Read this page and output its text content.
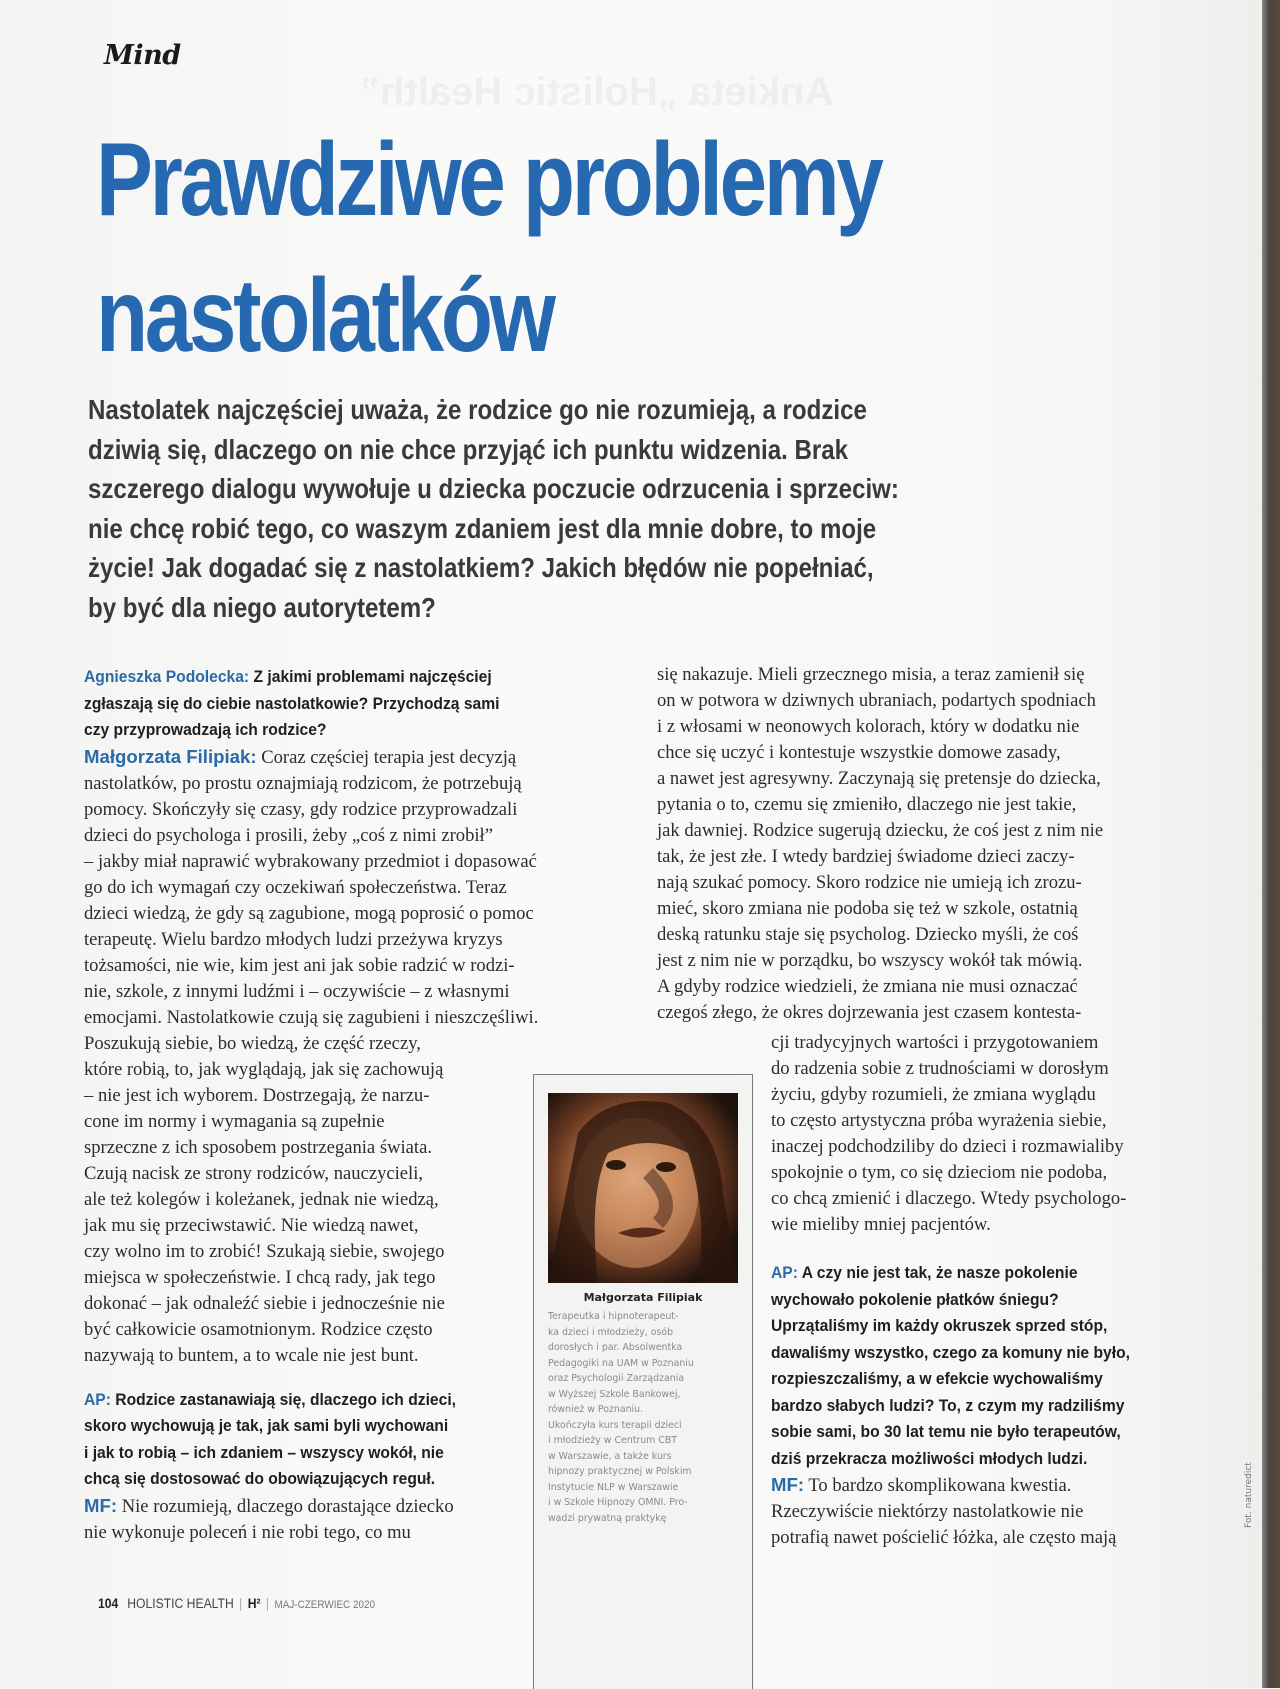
Mind
Prawdziwe problemy
nastolatków
Nastolatek najczęściej uważa, że rodzice go nie rozumieją, a rodzice
dziwią się, dlaczego on nie chce przyjąć ich punktu widzenia. Brak
szczerego dialogu wywołuje u dziecka poczucie odrzucenia i sprzeciw:
nie chcę robić tego, co waszym zdaniem jest dla mnie dobre, to moje
życie! Jak dogadać się z nastolatkiem? Jakich błędów nie popełniać,
by być dla niego autorytetem?
Agnieszka Podolecka: Z jakimi problemami najczęściej
zgłaszają się do ciebie nastolatkowie? Przychodzą sami
czy przyprowadzają ich rodzice?
Małgorzata Filipiak: Coraz częściej terapia jest decyzją
nastolatków, po prostu oznajmiają rodzicom, że potrzebują
pomocy. Skończyły się czasy, gdy rodzice przyprowadzali
dzieci do psychologa i prosili, żeby „coś z nimi zrobił”
– jakby miał naprawić wybrakowany przedmiot i dopasować
go do ich wymagań czy oczekiwań społeczeństwa. Teraz
dzieci wiedzą, że gdy są zagubione, mogą poprosić o pomoc
terapeutę. Wielu bardzo młodych ludzi przeżywa kryzys
tożsamości, nie wie, kim jest ani jak sobie radzić w rodzi-
nie, szkole, z innymi ludźmi i – oczywiście – z własnymi
emocjami. Nastolatkowie czują się zagubieni i nieszczęśliwi.
Poszukują siebie, bo wiedzą, że część rzeczy,
które robią, to, jak wyglądają, jak się zachowują
– nie jest ich wyborem. Dostrzegają, że narzu-
cone im normy i wymagania są zupełnie
sprzeczne z ich sposobem postrzegania świata.
Czują nacisk ze strony rodziców, nauczycieli,
ale też kolegów i koleżanek, jednak nie wiedzą,
jak mu się przeciwstawić. Nie wiedzą nawet,
czy wolno im to zrobić! Szukają siebie, swojego
miejsca w społeczeństwie. I chcą rady, jak tego
dokonać – jak odnaleźć siebie i jednocześnie nie
być całkowicie osamotnionym. Rodzice często
nazywają to buntem, a to wcale nie jest bunt.
AP: Rodzice zastanawiają się, dlaczego ich dzieci,
skoro wychowują je tak, jak sami byli wychowani
i jak to robią – ich zdaniem – wszyscy wokół, nie
chcą się dostosować do obowiązujących reguł.
MF: Nie rozumieją, dlaczego dorastające dziecko
nie wykonuje poleceń i nie robi tego, co mu
się nakazuje. Mieli grzecznego misia, a teraz zamienił się
on w potwora w dziwnych ubraniach, podartych spodniach
i z włosami w neonowych kolorach, który w dodatku nie
chce się uczyć i kontestuje wszystkie domowe zasady,
a nawet jest agresywny. Zaczynają się pretensje do dziecka,
pytania o to, czemu się zmieniło, dlaczego nie jest takie,
jak dawniej. Rodzice sugerują dziecku, że coś jest z nim nie
tak, że jest złe. I wtedy bardziej świadome dzieci zaczy-
nają szukać pomocy. Skoro rodzice nie umieją ich zrozu-
mieć, skoro zmiana nie podoba się też w szkole, ostatnią
deską ratunku staje się psycholog. Dziecko myśli, że coś
jest z nim nie w porządku, bo wszyscy wokół tak mówią.
A gdyby rodzice wiedzieli, że zmiana nie musi oznaczać
czegoś złego, że okres dojrzewania jest czasem kontesta-
cji tradycyjnych wartości i przygotowaniem
do radzenia sobie z trudnościami w dorosłym
życiu, gdyby rozumieli, że zmiana wyglądu
to często artystyczna próba wyrażenia siebie,
inaczej podchodziliby do dzieci i rozmawialiby
spokojnie o tym, co się dzieciom nie podoba,
co chcą zmienić i dlaczego. Wtedy psychologo-
wie mieliby mniej pacjentów.
AP: A czy nie jest tak, że nasze pokolenie
wychowało pokolenie płatków śniegu?
Uprzątaliśmy im każdy okruszek sprzed stóp,
dawaliśmy wszystko, czego za komuny nie było,
rozpieszczaliśmy, a w efekcie wychowaliśmy
bardzo słabych ludzi? To, z czym my radziliśmy
sobie sami, bo 30 lat temu nie było terapeutów,
dziś przekracza możliwości młodych ludzi.
MF: To bardzo skomplikowana kwestia.
Rzeczywiście niektórzy nastolatkowie nie
potrafią nawet pościelić łóżka, ale często mają
Małgorzata Filipiak
Terapeutka i hipnoterapeut-
ka dzieci i młodzieży, osób
dorosłych i par. Absolwentka
Pedagogiki na UAM w Poznaniu
oraz Psychologii Zarządzania
w Wyższej Szkole Bankowej,
również w Poznaniu.
Ukończyła kurs terapii dzieci
i młodzieży w Centrum CBT
w Warszawie, a także kurs
hipnozy praktycznej w Polskim
Instytucie NLP w Warszawie
i w Szkole Hipnozy OMNI. Pro-
wadzi prywatną praktykę
104 HOLISTIC HEALTH | H² | MAJ-CZERWIEC 2020
Fot. naturedict
